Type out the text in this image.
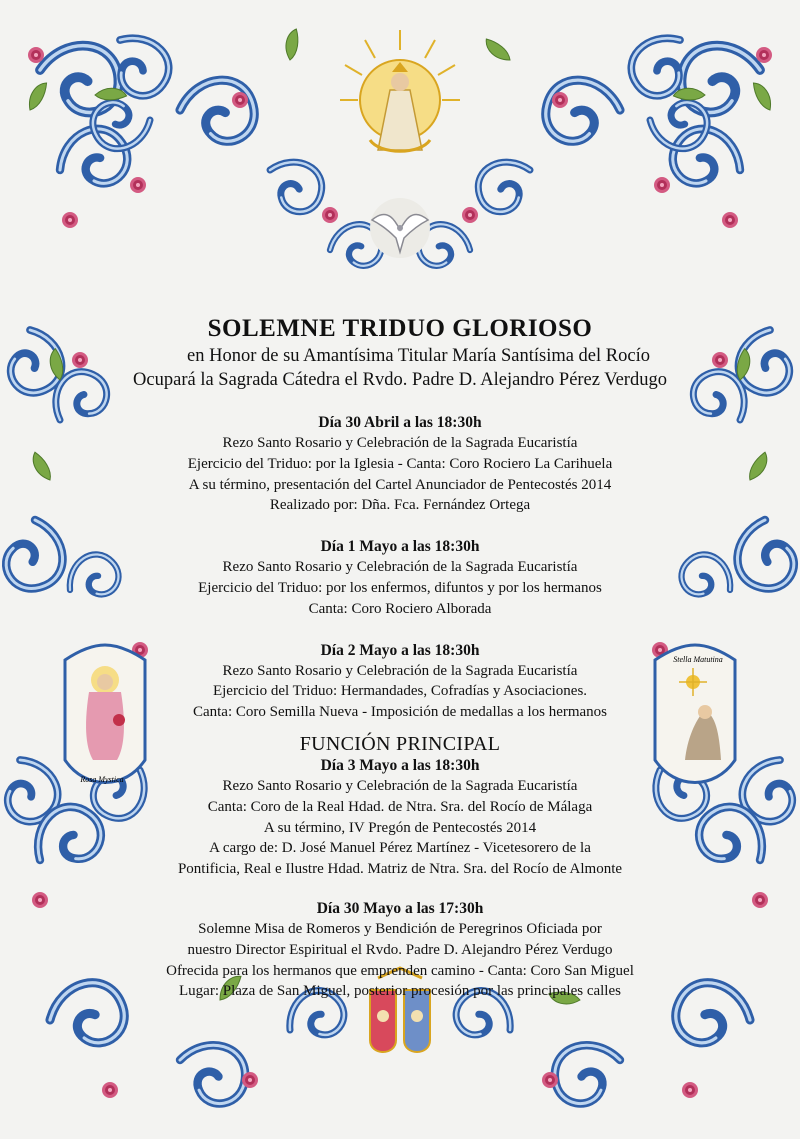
Rosa Mystica
Stella Matutina
SOLEMNE TRIDUO GLORIOSO
en Honor de su Amantísima Titular María Santísima del Rocío
Ocupará la Sagrada Cátedra el Rvdo. Padre D. Alejandro Pérez Verdugo
Día 30 Abril a las 18:30h
Rezo Santo Rosario y Celebración de la Sagrada Eucaristía
Ejercicio del Triduo: por la Iglesia - Canta: Coro Rociero La Carihuela
A su término, presentación del Cartel Anunciador de Pentecostés 2014
Realizado por: Dña. Fca. Fernández Ortega
Día 1 Mayo a las 18:30h
Rezo Santo Rosario y Celebración de la Sagrada Eucaristía
Ejercicio del Triduo: por los enfermos, difuntos y por los hermanos
Canta: Coro Rociero Alborada
Día 2 Mayo a las 18:30h
Rezo Santo Rosario y Celebración de la Sagrada Eucaristía
Ejercicio del Triduo: Hermandades, Cofradías y Asociaciones.
Canta: Coro Semilla Nueva - Imposición de medallas a los hermanos
FUNCIÓN PRINCIPAL
Día 3 Mayo a las 18:30h
Rezo Santo Rosario y Celebración de la Sagrada Eucaristía
Canta: Coro de la Real Hdad. de Ntra. Sra. del Rocío de Málaga
A su término, IV Pregón de Pentecostés 2014
A cargo de: D. José Manuel Pérez Martínez - Vicetesorero de la
Pontificia, Real e Ilustre Hdad. Matriz de Ntra. Sra. del Rocío de Almonte
Día 30 Mayo a las 17:30h
Solemne Misa de Romeros y Bendición de Peregrinos Oficiada por
nuestro Director Espiritual el Rvdo. Padre D. Alejandro Pérez Verdugo
Ofrecida para los hermanos que emprenden camino - Canta: Coro San Miguel
Lugar: Plaza de San Miguel, posterior procesión por las principales calles
